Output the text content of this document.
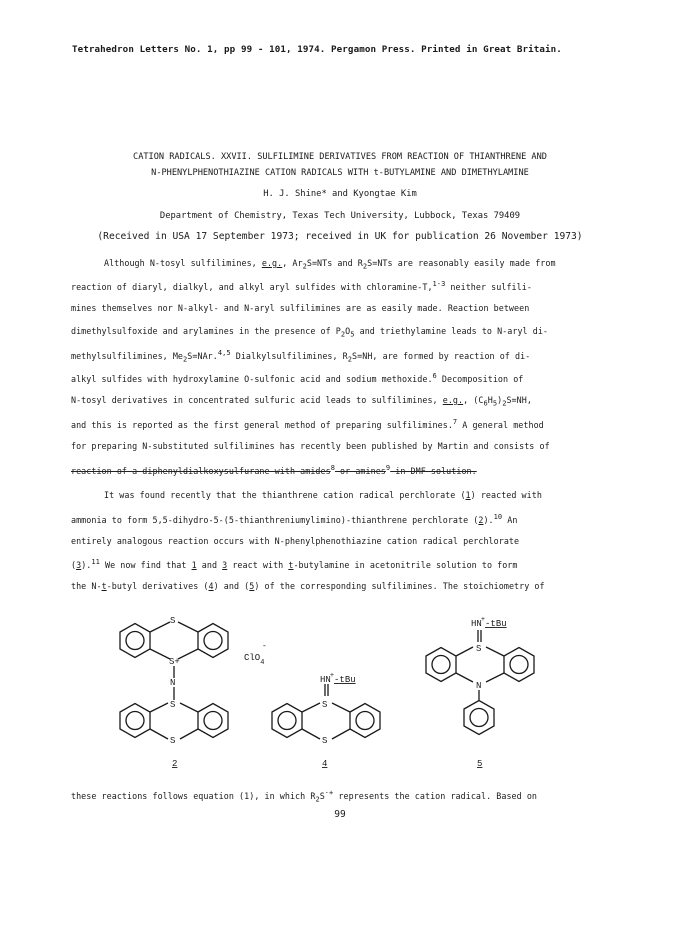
Tetrahedron Letters No. 1, pp 99 - 101, 1974. Pergamon Press. Printed in Great Britain.
CATION RADICALS. XXVII. SULFILIMINE DERIVATIVES FROM REACTION OF THIANTHRENE AND
N-PHENYLPHENOTHIAZINE CATION RADICALS WITH t-BUTYLAMINE AND DIMETHYLAMINE
H. J. Shine* and Kyongtae Kim
Department of Chemistry, Texas Tech University, Lubbock, Texas 79409
(Received in USA 17 September 1973; received in UK for publication 26 November 1973)
Although N-tosyl sulfilimines, e.g., $Ar_2S=NTs$ and $R_2S=NTs$ are reasonably easily made from
reaction of diaryl, dialkyl, and alkyl aryl sulfides with chloramine-T,$^{1-3}$ neither sulfili-
mines themselves nor N-alkyl- and N-aryl sulfilimines are as easily made. Reaction between
dimethylsulfoxide and arylamines in the presence of $P_2O_5$ and triethylamine leads to N-aryl di-
methylsulfilimines, $Me_2S=NAr.^{4,5}$ Dialkylsulfilimines, $R_2S=NH$, are formed by reaction of di-
alkyl sulfides with hydroxylamine O-sulfonic acid and sodium methoxide.$^6$ Decomposition of
N-tosyl derivatives in concentrated sulfuric acid leads to sulfilimines, e.g., $(C_6H_5)_2S=NH$,
and this is reported as the first general method of preparing sulfilimines.$^7$ A general method
for preparing N-substituted sulfilimines has recently been published by Martin and consists of
reaction of a diphenyldialkoxysulfurane with amides$^8$ or amines$^9$ in DMF solution.
It was found recently that the thianthrene cation radical perchlorate (1) reacted with
ammonia to form 5,5-dihydro-5-(5-thianthreniumylimino)-thianthrene perchlorate (2).$^{10}$ An
entirely analogous reaction occurs with N-phenylphenothiazine cation radical perchlorate
(3).$^{11}$ We now find that 1 and 3 react with t-butylamine in acetonitrile solution to form
the N-t-butyl derivatives (4) and (5) of the corresponding sulfilimines. The stoichiometry of
S
S+
N
S
S
ClO$_4$
-
HN+-tBu
S
S
HN+-tBu
S
N
2	4	5
these reactions follows equation (1), in which $R_2S^{\cdot+}$ represents the cation radical. Based on
99
